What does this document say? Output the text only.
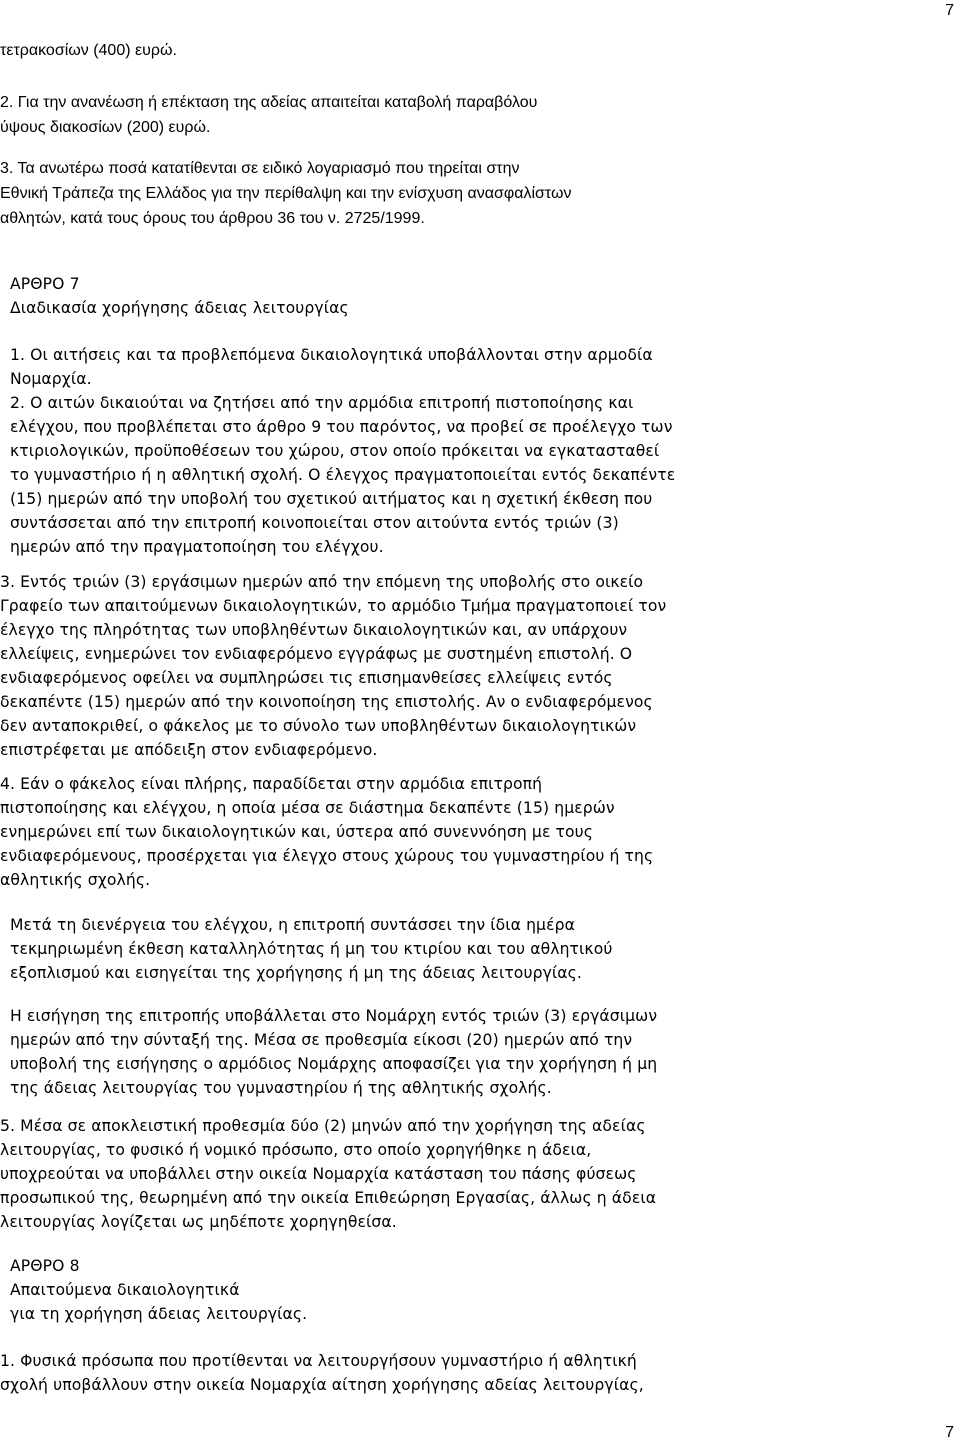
7

τετρακοσίων (400) ευρώ.

2. Για την ανανέωση ή επέκταση της αδείας απαιτείται καταβολή παραβόλου
ύψους διακοσίων (200) ευρώ.

3. Τα ανωτέρω ποσά κατατίθενται σε ειδικό λογαριασμό που τηρείται στην
Εθνική Τράπεζα της Ελλάδος για την περίθαλψη και την ενίσχυση ανασφαλίστων
αθλητών, κατά τους όρους του άρθρου 36 του ν. 2725/1999.

ΑΡΘΡΟ 7
Διαδικασία χορήγησης άδειας λειτουργίας

1. Οι αιτήσεις και τα προβλεπόμενα δικαιολογητικά υποβάλλονται στην αρμοδία
Νομαρχία.
2. Ο αιτών δικαιούται να ζητήσει από την αρμόδια επιτροπή πιστοποίησης και
ελέγχου, που προβλέπεται στο άρθρο 9 του παρόντος, να προβεί σε προέλεγχο των
κτιριολογικών, προϋποθέσεων του χώρου, στον οποίο πρόκειται να εγκατασταθεί
το γυμναστήριο ή η αθλητική σχολή. Ο έλεγχος πραγματοποιείται εντός δεκαπέντε
(15) ημερών από την υποβολή του σχετικού αιτήματος και η σχετική έκθεση που
συντάσσεται από την επιτροπή κοινοποιείται στον αιτούντα εντός τριών (3)
ημερών από την πραγματοποίηση του ελέγχου.

3. Εντός τριών (3) εργάσιμων ημερών από την επόμενη της υποβολής στο οικείο
Γραφείο των απαιτούμενων δικαιολογητικών, το αρμόδιο Τμήμα πραγματοποιεί τον
έλεγχο της πληρότητας των υποβληθέντων δικαιολογητικών και, αν υπάρχουν
ελλείψεις, ενημερώνει τον ενδιαφερόμενο εγγράφως με συστημένη επιστολή. Ο
ενδιαφερόμενος οφείλει να συμπληρώσει τις επισημανθείσες ελλείψεις εντός
δεκαπέντε (15) ημερών από την κοινοποίηση της επιστολής. Αν ο ενδιαφερόμενος
δεν ανταποκριθεί, ο φάκελος με το σύνολο των υποβληθέντων δικαιολογητικών
επιστρέφεται με απόδειξη στον ενδιαφερόμενο.

4. Εάν ο φάκελος είναι πλήρης, παραδίδεται στην αρμόδια επιτροπή
πιστοποίησης και ελέγχου, η οποία μέσα σε διάστημα δεκαπέντε (15) ημερών
ενημερώνει επί των δικαιολογητικών και, ύστερα από συνεννόηση με τους
ενδιαφερόμενους, προσέρχεται για έλεγχο στους χώρους του γυμναστηρίου ή της
αθλητικής σχολής.

Μετά τη διενέργεια του ελέγχου, η επιτροπή συντάσσει την ίδια ημέρα
τεκμηριωμένη έκθεση καταλληλότητας ή μη του κτιρίου και του αθλητικού
εξοπλισμού και εισηγείται της χορήγησης ή μη της άδειας λειτουργίας.

Η εισήγηση της επιτροπής υποβάλλεται στο Νομάρχη εντός τριών (3) εργάσιμων
ημερών από την σύνταξή της. Μέσα σε προθεσμία είκοσι (20) ημερών από την
υποβολή της εισήγησης ο αρμόδιος Νομάρχης αποφασίζει για την χορήγηση ή μη
της άδειας λειτουργίας του γυμναστηρίου ή της αθλητικής σχολής.

5. Μέσα σε αποκλειστική προθεσμία δύο (2) μηνών από την χορήγηση της αδείας
λειτουργίας, το φυσικό ή νομικό πρόσωπο, στο οποίο χορηγήθηκε η άδεια,
υποχρεούται να υποβάλλει στην οικεία Νομαρχία κατάσταση του πάσης φύσεως
προσωπικού της, θεωρημένη από την οικεία Επιθεώρηση Εργασίας, άλλως η άδεια
λειτουργίας λογίζεται ως μηδέποτε χορηγηθείσα.

ΑΡΘΡΟ 8
Απαιτούμενα δικαιολογητικά
για τη χορήγηση άδειας λειτουργίας.

1. Φυσικά πρόσωπα που προτίθενται να λειτουργήσουν γυμναστήριο ή αθλητική
σχολή υποβάλλουν στην οικεία Νομαρχία αίτηση χορήγησης αδείας λειτουργίας,

7
